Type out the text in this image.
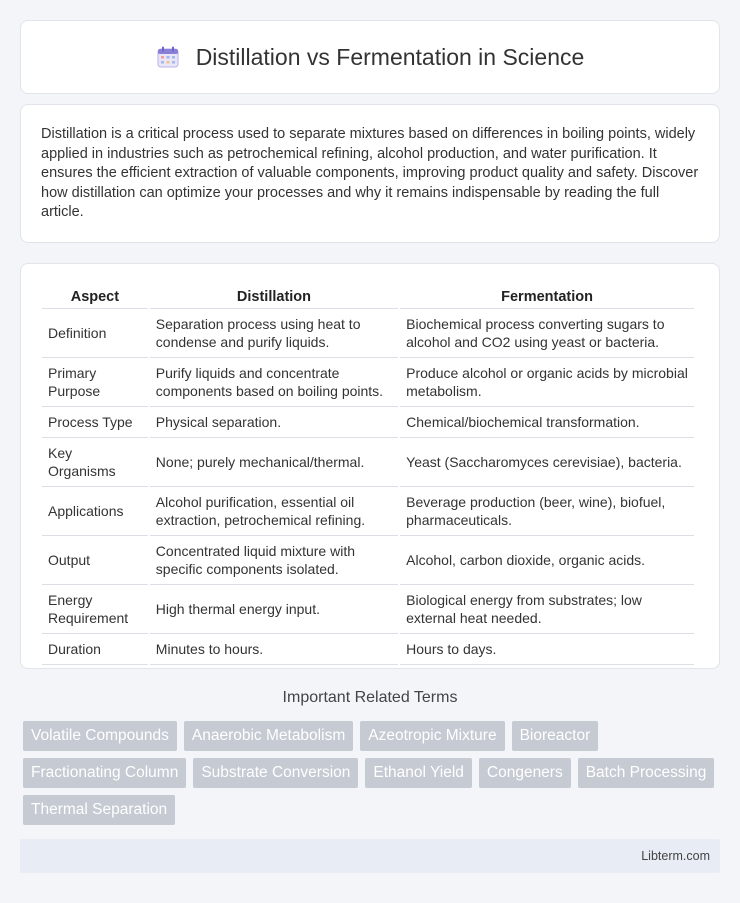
Distillation vs Fermentation in Science

Distillation is a critical process used to separate mixtures based on differences in boiling points, widely applied in industries such as petrochemical refining, alcohol production, and water purification. It ensures the efficient extraction of valuable components, improving product quality and safety. Discover how distillation can optimize your processes and why it remains indispensable by reading the full article.

Aspect	Distillation	Fermentation
Definition	Separation process using heat to condense and purify liquids.	Biochemical process converting sugars to alcohol and CO2 using yeast or bacteria.
Primary Purpose	Purify liquids and concentrate components based on boiling points.	Produce alcohol or organic acids by microbial metabolism.
Process Type	Physical separation.	Chemical/biochemical transformation.
Key Organisms	None; purely mechanical/thermal.	Yeast (Saccharomyces cerevisiae), bacteria.
Applications	Alcohol purification, essential oil extraction, petrochemical refining.	Beverage production (beer, wine), biofuel, pharmaceuticals.
Output	Concentrated liquid mixture with specific components isolated.	Alcohol, carbon dioxide, organic acids.
Energy Requirement	High thermal energy input.	Biological energy from substrates; low external heat needed.
Duration	Minutes to hours.	Hours to days.
Important Related Terms
Volatile Compounds	Anaerobic Metabolism	Azeotropic Mixture	Bioreactor
Fractionating Column	Substrate Conversion	Ethanol Yield	Congeners	Batch Processing
Thermal Separation
Libterm.com
